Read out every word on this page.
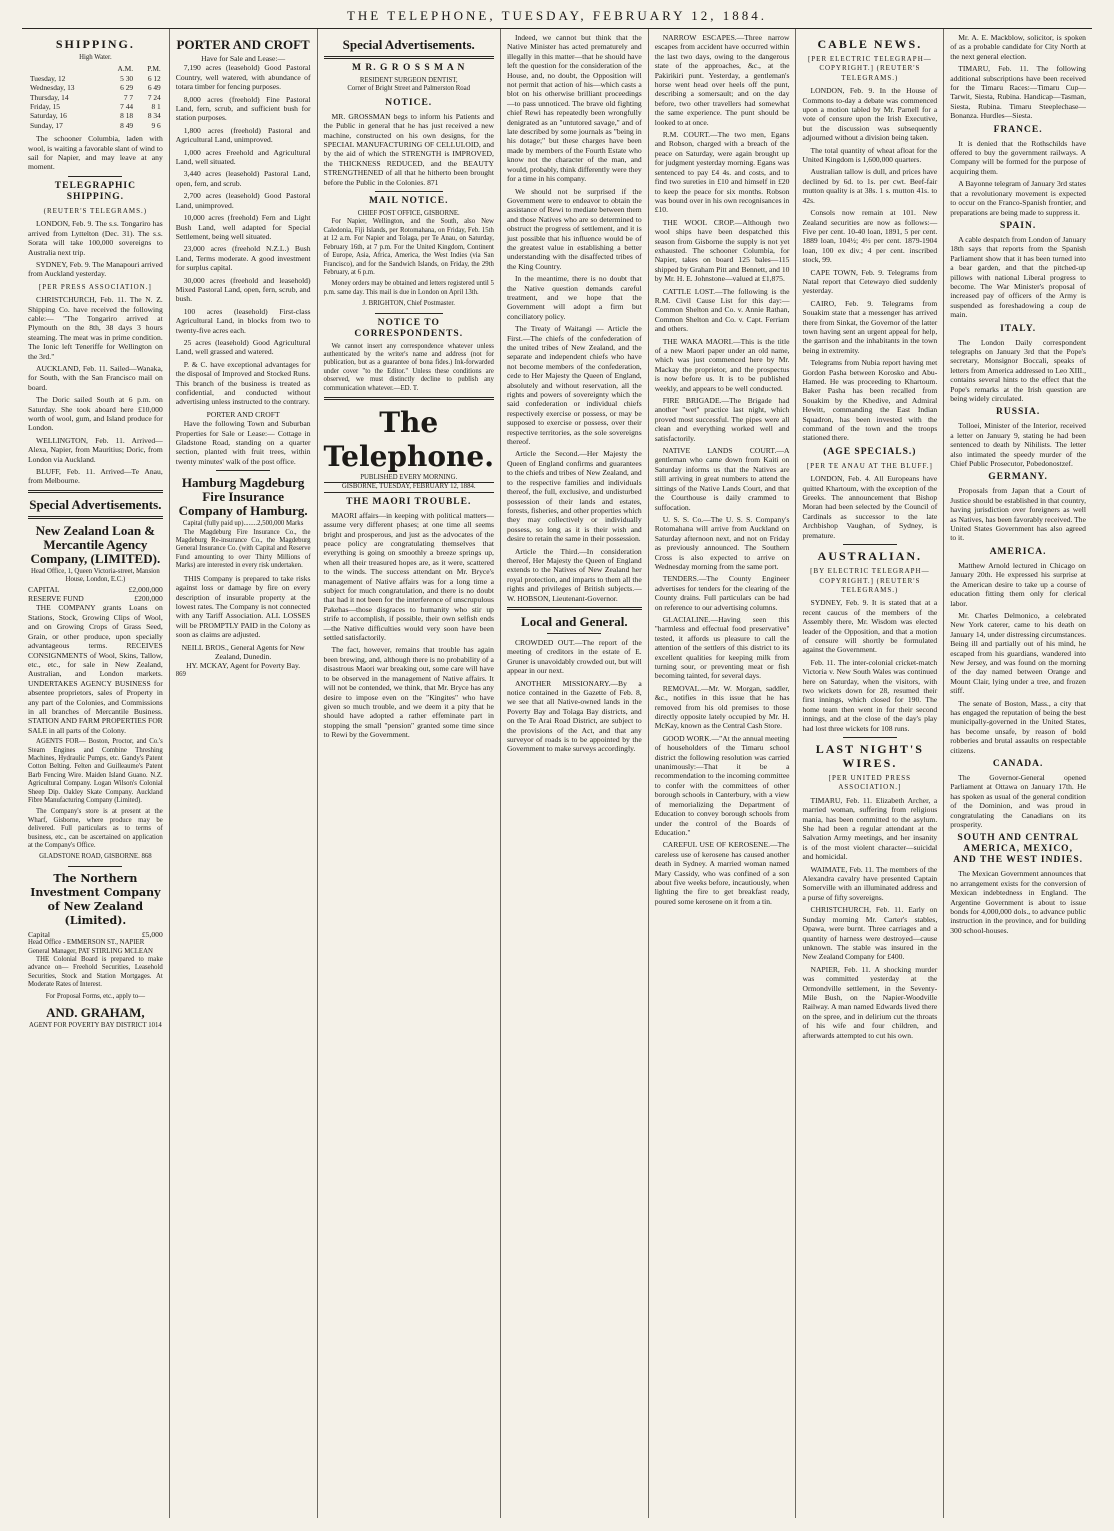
THE TELEPHONE, TUESDAY, FEBRUARY 12, 1884.
SHIPPING.
High Water.
	A.M.	P.M.
Tuesday, 12	5 30	6 12
Wednesday, 13	6 29	6 49
Thursday, 14	7 7	7 24
Friday, 15	7 44	8 1
Saturday, 16	8 18	8 34
Sunday, 17	8 49	9 6

The schooner Columbia, laden with wool, is waiting a favorable slant of wind to sail for Napier, and may leave at any moment.

TELEGRAPHIC SHIPPING.
(REUTER'S TELEGRAMS.)

LONDON, Feb. 9. The s.s. Tongariro has arrived from Lyttelton (Dec. 31). The s.s. Sorata will take 100,000 sovereigns to Australia next trip.

SYDNEY, Feb. 9. The Manapouri arrived from Auckland yesterday.

[PER PRESS ASSOCIATION.]

CHRISTCHURCH, Feb. 11. The N. Z. Shipping Co. have received the following cable:— "The Tongariro arrived at Plymouth on the 8th, 38 days 3 hours steaming. The meat was in prime condition. The Ionic left Teneriffe for Wellington on the 3rd."

AUCKLAND, Feb. 11. Sailed—Wanaka, for South, with the San Francisco mail on board.

The Doric sailed South at 6 p.m. on Saturday. She took aboard here £10,000 worth of wool, gum, and Island produce for London.

WELLINGTON, Feb. 11. Arrived—Alexa, Napier, from Mauritius; Doric, from London via Auckland.

BLUFF, Feb. 11. Arrived—Te Anau, from Melbourne.

Special Advertisements.
New Zealand Loan & Mercantile Agency Company, (LIMITED).
Head Office, 1, Queen Victoria-street, Mansion House, London, E.C.)
CAPITAL	£2,000,000
RESERVE FUND	£200,000

THE COMPANY grants Loans on Stations, Stock, Growing Clips of Wool, and on Growing Crops of Grass Seed, Grain, or other produce, upon specially advantageous terms. RECEIVES CONSIGNMENTS of Wool, Skins, Tallow, etc., etc., for sale in New Zealand, Australian, and London markets. UNDERTAKES AGENCY BUSINESS for absentee proprietors, sales of Property in any part of the Colonies, and Commissions in all branches of Mercantile Business. STATION AND FARM PROPERTIES FOR SALE in all parts of the Colony.

AGENTS FOR— Boston, Proctor, and Co.'s Steam Engines and Combine Threshing Machines, Hydraulic Pumps, etc. Gandy's Patent Cotton Belting. Felten and Guilleaume's Patent Barb Fencing Wire. Maiden Island Guano. N.Z. Agricultural Company. Logan Wilson's Colonial Sheep Dip. Oakley Skate Company. Auckland Fibre Manufacturing Company (Limited).

The Company's store is at present at the Wharf, Gisborne, where produce may be delivered. Full particulars as to terms of business, etc., can be ascertained on application at the Company's Office.

GLADSTONE ROAD, GISBORNE. 868
The Northern Investment Company of New Zealand (Limited).
Capital	£5,000
Head Office - EMMERSON ST., NAPIER
General Manager, PAT STIRLING MCLEAN

THE Colonial Board is prepared to make advance on— Freehold Securities, Leasehold Securities, Stock and Station Mortgages. At Moderate Rates of Interest.

For Proposal Forms, etc., apply to—
AND. GRAHAM,
AGENT FOR POVERTY BAY DISTRICT 1014
PORTER AND CROFT
Have for Sale and Lease:—

7,190 acres (leasehold) Good Pastoral Country, well watered, with abundance of totara timber for fencing purposes.

8,000 acres (freehold) Fine Pastoral Land, fern, scrub, and sufficient bush for station purposes.

1,800 acres (freehold) Pastoral and Agricultural Land, unimproved.

1,000 acres Freehold and Agricultural Land, well situated.

3,440 acres (leasehold) Pastoral Land, open, fern, and scrub.

2,700 acres (leasehold) Good Pastoral Land, unimproved.

10,000 acres (freehold) Fern and Light Bush Land, well adapted for Special Settlement, being well situated.

23,000 acres (freehold N.Z.L.) Bush Land, Terms moderate. A good investment for surplus capital.

30,000 acres (freehold and leasehold) Mixed Pastoral Land, open, fern, scrub, and bush.

100 acres (leasehold) First-class Agricultural Land, in blocks from two to twenty-five acres each.

25 acres (leasehold) Good Agricultural Land, well grassed and watered.

P. & C. have exceptional advantages for the disposal of Improved and Stocked Runs. This branch of the business is treated as confidential, and conducted without advertising unless instructed to the contrary.

PORTER AND CROFT

Have the following Town and Suburban Properties for Sale or Lease:— Cottage in Gladstone Road, standing on a quarter section, planted with fruit trees, within twenty minutes' walk of the post office.

Hamburg Magdeburg Fire Insurance Company of Hamburg.
Capital (fully paid up)........2,500,000 Marks

The Magdeburg Fire Insurance Co., the Magdeburg Re-insurance Co., the Magdeburg General Insurance Co. (with Capital and Reserve Fund amounting to over Thirty Millions of Marks) are interested in every risk undertaken.

THIS Company is prepared to take risks against loss or damage by fire on every description of insurable property at the lowest rates. The Company is not connected with any Tariff Association. ALL LOSSES will be PROMPTLY PAID in the Colony as soon as claims are adjusted.

NEILL BROS., General Agents for New Zealand, Dunedin.
HY. MCKAY, Agent for Poverty Bay.
869
Special Advertisements.
M R. G R O S S M A N
RESIDENT SURGEON DENTIST,
Corner of Bright Street and Palmerston Road
NOTICE.

MR. GROSSMAN begs to inform his Patients and the Public in general that he has just received a new machine, constructed on his own designs, for the SPECIAL MANUFACTURING OF CELLULOID, and by the aid of which the STRENGTH is IMPROVED, the THICKNESS REDUCED, and the BEAUTY STRENGTHENED of all that he hitherto been brought before the Public in the Colonies. 871

MAIL NOTICE.
CHIEF POST OFFICE, GISBORNE.

For Napier, Wellington, and the South, also New Caledonia, Fiji Islands, per Rotomahana, on Friday, Feb. 15th at 12 a.m. For Napier and Tolaga, per Te Anau, on Saturday, February 16th, at 7 p.m. For the United Kingdom, Continent of Europe, Asia, Africa, America, the West Indies (via San Francisco), and for the Sandwich Islands, on Friday, the 29th February, at 6 p.m.

Money orders may be obtained and letters registered until 5 p.m. same day. This mail is due in London on April 13th.

J. BRIGHTON, Chief Postmaster.
NOTICE TO CORRESPONDENTS.

We cannot insert any correspondence whatever unless authenticated by the writer's name and address (not for publication, but as a guarantee of bona fides.) Ink-forwarded under cover "to the Editor." Unless these conditions are observed, we must distinctly decline to publish any communication whatever.—ED. T.

The Telephone.
PUBLISHED EVERY MORNING.
GISBORNE, TUESDAY, FEBRUARY 12, 1884.
THE MAORI TROUBLE.

MAORI affairs—in keeping with political matters—assume very different phases; at one time all seems bright and prosperous, and just as the advocates of the peace policy are congratulating themselves that everything is going on smoothly a breeze springs up, when all their treasured hopes are, as it were, scattered to the winds. The success attendant on Mr. Bryce's management of Native affairs was for a long time a subject for much congratulation, and there is no doubt that had it not been for the interference of unscrupulous Pakehas—those disgraces to humanity who stir up strife to accomplish, if possible, their own selfish ends—the Native difficulties would very soon have been settled satisfactorily.

The fact, however, remains that trouble has again been brewing, and, although there is no probability of a disastrous Maori war breaking out, some care will have to be observed in the management of Native affairs. It will not be contended, we think, that Mr. Bryce has any desire to impose even on the "Kingites" who have given so much trouble, and we deem it a pity that he should have adopted a rather effeminate part in stopping the small "pension" granted some time since to Rewi by the Government.

Indeed, we cannot but think that the Native Minister has acted prematurely and illegally in this matter—that he should have left the question for the consideration of the House, and, no doubt, the Opposition will not permit that action of his—which casts a blot on his otherwise brilliant proceedings—to pass unnoticed. The brave old fighting chief Rewi has repeatedly been wrongfully denigrated as an "untutored savage," and of late described by some journals as "being in his dotage;" but these charges have been made by members of the Fourth Estate who know not the character of the man, and would, probably, think differently were they for a time in his company.

We should not be surprised if the Government were to endeavor to obtain the assistance of Rewi to mediate between them and those Natives who are so determined to obstruct the progress of settlement, and it is just possible that his influence would be of the greatest value in establishing a better understanding with the disaffected tribes of the King Country.

In the meantime, there is no doubt that the Native question demands careful treatment, and we hope that the Government will adopt a firm but conciliatory policy.

The Treaty of Waitangi — Article the First.—The chiefs of the confederation of the united tribes of New Zealand, and the separate and independent chiefs who have not become members of the confederation, cede to Her Majesty the Queen of England, absolutely and without reservation, all the rights and powers of sovereignty which the said confederation or individual chiefs respectively exercise or possess, or may be supposed to exercise or possess, over their respective territories, as the sole sovereigns thereof.

Article the Second.—Her Majesty the Queen of England confirms and guarantees to the chiefs and tribes of New Zealand, and to the respective families and individuals thereof, the full, exclusive, and undisturbed possession of their lands and estates, forests, fisheries, and other properties which they may collectively or individually possess, so long as it is their wish and desire to retain the same in their possession.

Article the Third.—In consideration thereof, Her Majesty the Queen of England extends to the Natives of New Zealand her royal protection, and imparts to them all the rights and privileges of British subjects.—W. HOBSON, Lieutenant-Governor.

Local and General.

CROWDED OUT.—The report of the meeting of creditors in the estate of E. Gruner is unavoidably crowded out, but will appear in our next.

ANOTHER MISSIONARY.—By a notice contained in the Gazette of Feb. 8, we see that all Native-owned lands in the Poverty Bay and Tolaga Bay districts, and on the Te Arai Road District, are subject to the provisions of the Act, and that any surveyor of roads is to be appointed by the Government to make surveys accordingly.

NARROW ESCAPES.—Three narrow escapes from accident have occurred within the last two days, owing to the dangerous state of the approaches, &c., at the Pakirikiri punt. Yesterday, a gentleman's horse went head over heels off the punt, describing a somersault; and on the day before, two other travellers had somewhat the same experience. The punt should be looked to at once.

R.M. COURT.—The two men, Egans and Robson, charged with a breach of the peace on Saturday, were again brought up for judgment yesterday morning. Egans was sentenced to pay £4 4s. and costs, and to find two sureties in £10 and himself in £20 to keep the peace for six months. Robson was bound over in his own recognisances in £10.

THE WOOL CROP.—Although two wool ships have been despatched this season from Gisborne the supply is not yet exhausted. The schooner Columbia, for Napier, takes on board 125 bales—115 shipped by Graham Pitt and Bennett, and 10 by Mr. H. E. Johnstone—valued at £1,875.

CATTLE LOST.—The following is the R.M. Civil Cause List for this day:—Common Shelton and Co. v. Annie Rathan, Common Shelton and Co. v. Capt. Ferriam and others.

THE WAKA MAORI.—This is the title of a new Maori paper under an old name, which was just commenced here by Mr. Mackay the proprietor, and the prospectus is now before us. It is to be published weekly, and appears to be well conducted.

FIRE BRIGADE.—The Brigade had another "wet" practice last night, which proved most successful. The pipes were all clean and everything worked well and satisfactorily.

NATIVE LANDS COURT.—A gentleman who came down from Kaiti on Saturday informs us that the Natives are still arriving in great numbers to attend the sittings of the Native Lands Court, and that the Courthouse is daily crammed to suffocation.

U. S. S. Co.—The U. S. S. Company's Rotomahana will arrive from Auckland on Saturday afternoon next, and not on Friday as previously announced. The Southern Cross is also expected to arrive on Wednesday morning from the same port.

TENDERS.—The County Engineer advertises for tenders for the clearing of the County drains. Full particulars can be had on reference to our advertising columns.

GLACIALINE.—Having seen this "harmless and effectual food preservative" tested, it affords us pleasure to call the attention of the settlers of this district to its excellent qualities for keeping milk from turning sour, or preventing meat or fish becoming tainted, for several days.

REMOVAL.—Mr. W. Morgan, saddler, &c., notifies in this issue that he has removed from his old premises to those directly opposite lately occupied by Mr. H. McKay, known as the Central Cash Store.

GOOD WORK.—"At the annual meeting of householders of the Timaru school district the following resolution was carried unanimously:—That it be a recommendation to the incoming committee to confer with the committees of other borough schools in Canterbury, with a view of memorializing the Department of Education to convey borough schools from under the control of the Boards of Education."

CAREFUL USE OF KEROSENE.—The careless use of kerosene has caused another death in Sydney. A married woman named Mary Cassidy, who was confined of a son about five weeks before, incautiously, when lighting the fire to get breakfast ready, poured some kerosene on it from a tin.

CABLE NEWS.
[PER ELECTRIC TELEGRAPH—COPYRIGHT.] (REUTER'S TELEGRAMS.)

LONDON, Feb. 9. In the House of Commons to-day a debate was commenced upon a motion tabled by Mr. Parnell for a vote of censure upon the Irish Executive, but the discussion was subsequently adjourned without a division being taken.

The total quantity of wheat afloat for the United Kingdom is 1,600,000 quarters.

Australian tallow is dull, and prices have declined by 6d. to 1s. per cwt. Beef-fair mutton quality is at 38s. 1 s. mutton 41s. to 42s.

Consols now remain at 101. New Zealand securities are now as follows:—Five per cent. 10-40 loan, 1891, 5 per cent. 1889 loan, 104½; 4½ per cent. 1879-1904 loan, 100 ex div.; 4 per cent. inscribed stock, 99.

CAPE TOWN, Feb. 9. Telegrams from Natal report that Cetewayo died suddenly yesterday.

CAIRO, Feb. 9. Telegrams from Souakim state that a messenger has arrived there from Sinkat, the Governor of the latter town having sent an urgent appeal for help, the garrison and the inhabitants in the town being in extremity.

Telegrams from Nubia report having met Gordon Pasha between Korosko and Abu-Hamed. He was proceeding to Khartoum. Baker Pasha has been recalled from Souakim by the Khedive, and Admiral Hewitt, commanding the East Indian Squadron, has been invested with the command of the town and the troops stationed there.

(AGE SPECIALS.)
[PER TE ANAU AT THE BLUFF.]

LONDON, Feb. 4. All Europeans have quitted Khartoum, with the exception of the Greeks. The announcement that Bishop Moran had been selected by the Council of Cardinals as successor to the late Archbishop Vaughan, of Sydney, is premature.

AUSTRALIAN.
[BY ELECTRIC TELEGRAPH—COPYRIGHT.] (REUTER'S TELEGRAMS.)

SYDNEY, Feb. 9. It is stated that at a recent caucus of the members of the Assembly there, Mr. Wisdom was elected leader of the Opposition, and that a motion of censure will shortly be formulated against the Government.

Feb. 11. The inter-colonial cricket-match Victoria v. New South Wales was continued here on Saturday, when the visitors, with two wickets down for 28, resumed their first innings, which closed for 190. The home team then went in for their second innings, and at the close of the day's play had lost three wickets for 108 runs.

LAST NIGHT'S WIRES.
[PER UNITED PRESS ASSOCIATION.]

TIMARU, Feb. 11. Elizabeth Archer, a married woman, suffering from religious mania, has been committed to the asylum. She had been a regular attendant at the Salvation Army meetings, and her insanity is of the most violent character—suicidal and homicidal.

WAIMATE, Feb. 11. The members of the Alexandra cavalry have presented Captain Somerville with an illuminated address and a purse of fifty sovereigns.

CHRISTCHURCH, Feb. 11. Early on Sunday morning Mr. Carter's stables, Opawa, were burnt. Three carriages and a quantity of harness were destroyed—cause unknown. The stable was insured in the New Zealand Company for £400.

NAPIER, Feb. 11. A shocking murder was committed yesterday at the Ormondville settlement, in the Seventy-Mile Bush, on the Napier-Woodville Railway. A man named Edwards lived there on the spree, and in delirium cut the throats of his wife and four children, and afterwards attempted to cut his own.

Mr. A. E. Mackblow, solicitor, is spoken of as a probable candidate for City North at the next general election.

TIMARU, Feb. 11. The following additional subscriptions have been received for the Timaru Races:—Timaru Cup—Tarwit, Siesta, Rubina. Handicap—Tasman, Siesta, Rubina. Timaru Steeplechase—Bonanza. Hurdles—Siesta.

FRANCE.

It is denied that the Rothschilds have offered to buy the government railways. A Company will be formed for the purpose of acquiring them.

A Bayonne telegram of January 3rd states that a revolutionary movement is expected to occur on the Franco-Spanish frontier, and preparations are being made to suppress it.

SPAIN.

A cable despatch from London of January 18th says that reports from the Spanish Parliament show that it has been turned into a bear garden, and that the pitched-up pillows with national Liberal progress to become. The War Minister's proposal of increased pay of officers of the Army is suspended as foreshadowing a coup de main.

ITALY.

The London Daily correspondent telegraphs on January 3rd that the Pope's secretary, Monsignor Boccali, speaks of letters from America addressed to Leo XIII., contains several hints to the effect that the Pope's remarks at the Irish question are being widely circulated.

RUSSIA.

Tolloei, Minister of the Interior, received a letter on January 9, stating he had been sentenced to death by Nihilists. The letter also intimated the speedy murder of the Chief Public Prosecutor, Pobedonostzef.

GERMANY.

Proposals from Japan that a Court of Justice should be established in that country, having jurisdiction over foreigners as well as Natives, has been favorably received. The United States Government has also agreed to it.

AMERICA.

Matthew Arnold lectured in Chicago on January 20th. He expressed his surprise at the American desire to take up a course of education fitting them only for clerical labor.

Mr. Charles Delmonico, a celebrated New York caterer, came to his death on January 14, under distressing circumstances. Being ill and partially out of his mind, he escaped from his guardians, wandered into New Jersey, and was found on the morning of the day named between Orange and Mount Clair, lying under a tree, and frozen stiff.

The senate of Boston, Mass., a city that has engaged the reputation of being the best municipally-governed in the United States, has become unsafe, by reason of bold robberies and brutal assaults on respectable citizens.

CANADA.

The Governor-General opened Parliament at Ottawa on January 17th. He has spoken as usual of the general condition of the Dominion, and was proud in congratulating the Canadians on its prosperity.

SOUTH AND CENTRAL AMERICA, MEXICO, AND THE WEST INDIES.

The Mexican Government announces that no arrangement exists for the conversion of Mexican indebtedness in England. The Argentine Government is about to issue bonds for 4,000,000 dols., to advance public instruction in the province, and for building 300 school-houses.
